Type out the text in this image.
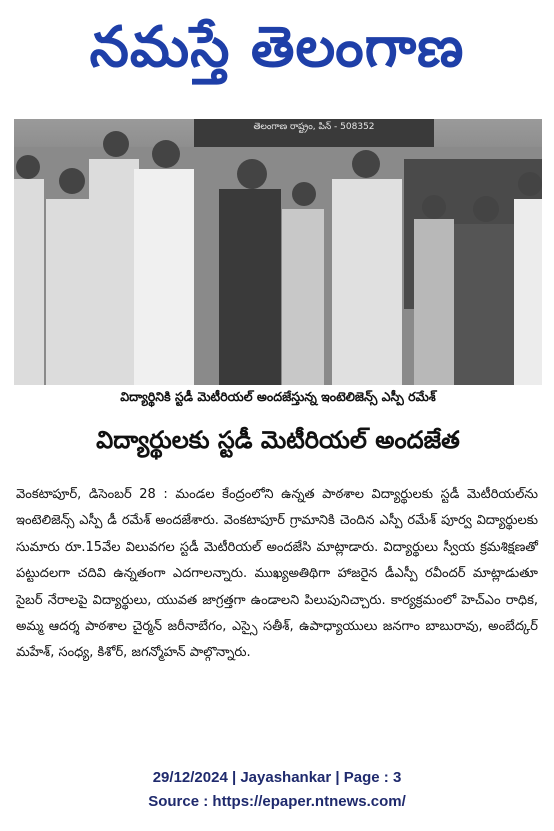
నమస్తే తెలంగాణ
తెలంగాణ రాష్ట్రం, పిన్ - 508352
విద్యార్థినికి స్టడీ మెటీరియల్ అందజేస్తున్న ఇంటెలిజెన్స్ ఎస్పీ రమేశ్
విద్యార్థులకు స్టడీ మెటీరియల్ అందజేత

వెంకటాపూర్, డిసెంబర్ 28 : మండల కేంద్రంలోని ఉన్నత పాఠశాల విద్యార్థులకు స్టడీ మెటీరియల్‌ను ఇంటెలిజెన్స్ ఎస్పీ డీ రమేశ్ అందజేశారు. వెంకటాపూర్ గ్రామానికి చెందిన ఎస్పీ రమేశ్ పూర్వ విద్యార్థులకు సుమారు రూ.15వేల విలువగల స్టడీ మెటీరియల్ అందజేసి మాట్లాడారు. విద్యార్థులు స్వీయ క్రమశిక్షణతో పట్టుదలగా చదివి ఉన్నతంగా ఎదగాలన్నారు. ముఖ్యఅతిథిగా హాజరైన డీఎస్పీ రవీందర్ మాట్లాడుతూ సైబర్ నేరాలపై విద్యార్థులు, యువత జాగ్రత్తగా ఉండాలని పిలుపునిచ్చారు. కార్యక్రమంలో హెచ్ఎం రాధిక, అమ్మ ఆదర్శ పాఠశాల చైర్మన్ జరీనాబేగం, ఎస్సై సతీశ్, ఉపాధ్యాయులు జనగాం బాబురావు, అంబేద్కర్ మహేశ్, సంధ్య, కిశోర్, జగన్మోహన్ పాల్గొన్నారు.

29/12/2024 | Jayashankar | Page : 3
Source : https://epaper.ntnews.com/
